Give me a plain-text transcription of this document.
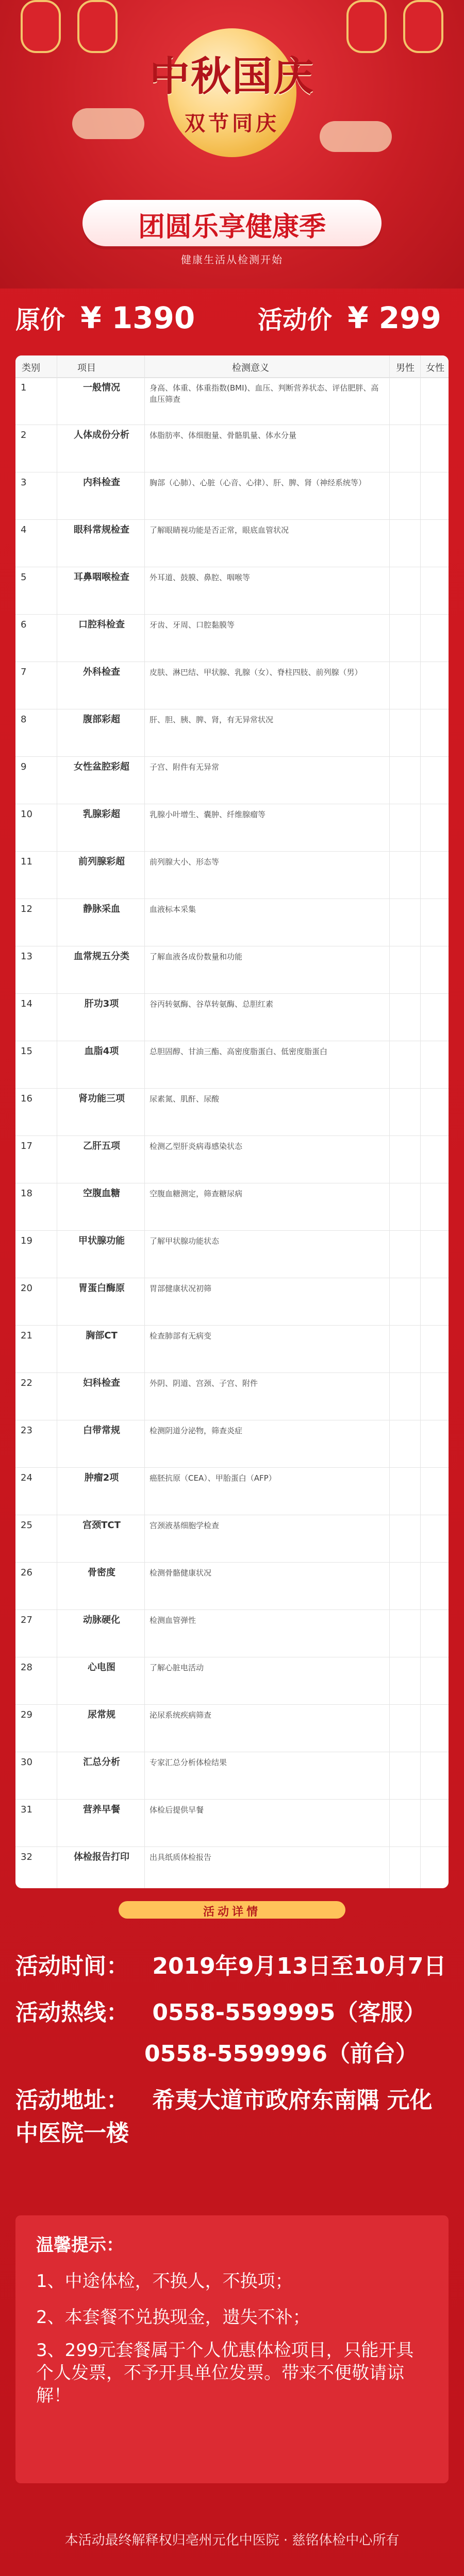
中秋国庆
双节同庆
团圆乐享健康季
健康生活从检测开始
原价 ¥ 1390	活动价 ¥ 299
类别	项目	检测意义	男性 女性
1	一般情况	身高、体重、体重指数(BMI)、血压、判断营养状态、评估肥胖、高血压筛查
2	人体成份分析	体脂肪率、体细胞量、骨骼肌量、体水分量
3	内科检查	胸部（心肺）、心脏（心音、心律）、肝、脾、肾（神经系统等）
4	眼科常规检查	了解眼睛视功能是否正常，眼底血管状况
5	耳鼻咽喉检查	外耳道、鼓膜、鼻腔、咽喉等
6	口腔科检查	牙齿、牙周、口腔黏膜等
7	外科检查	皮肤、淋巴结、甲状腺、乳腺（女）、脊柱四肢、前列腺（男）
8	腹部彩超	肝、胆、胰、脾、肾，有无异常状况
9	女性盆腔彩超	子宫、附件有无异常
10	乳腺彩超	乳腺小叶增生、囊肿、纤维腺瘤等
11	前列腺彩超	前列腺大小、形态等
12	静脉采血	血液标本采集
13	血常规五分类	了解血液各成份数量和功能
14	肝功3项	谷丙转氨酶、谷草转氨酶、总胆红素
15	血脂4项	总胆固醇、甘油三酯、高密度脂蛋白、低密度脂蛋白
16	肾功能三项	尿素氮、肌酐、尿酸
17	乙肝五项	检测乙型肝炎病毒感染状态
18	空腹血糖	空腹血糖测定，筛查糖尿病
19	甲状腺功能	了解甲状腺功能状态
20	胃蛋白酶原	胃部健康状况初筛
21	胸部CT	检查肺部有无病变
22	妇科检查	外阴、阴道、宫颈、子宫、附件
23	白带常规	检测阴道分泌物，筛查炎症
24	肿瘤2项	癌胚抗原（CEA）、甲胎蛋白（AFP）
25	宫颈TCT	宫颈液基细胞学检查
26	骨密度	检测骨骼健康状况
27	动脉硬化	检测血管弹性
28	心电图	了解心脏电活动
29	尿常规	泌尿系统疾病筛查
30	汇总分析	专家汇总分析体检结果
31	营养早餐	体检后提供早餐
32	体检报告打印	出具纸质体检报告
活动详情
活动时间： 2019年9月13日至10月7日
活动热线： 0558-5599995（客服）
0558-5599996（前台）
活动地址： 希夷大道市政府东南隅 元化中医院一楼
温馨提示：
1、中途体检，不换人，不换项；
2、本套餐不兑换现金，遗失不补；
3、299元套餐属于个人优惠体检项目，只能开具个人发票，不予开具单位发票。带来不便敬请谅解！
本活动最终解释权归亳州元化中医院 · 慈铭体检中心所有
